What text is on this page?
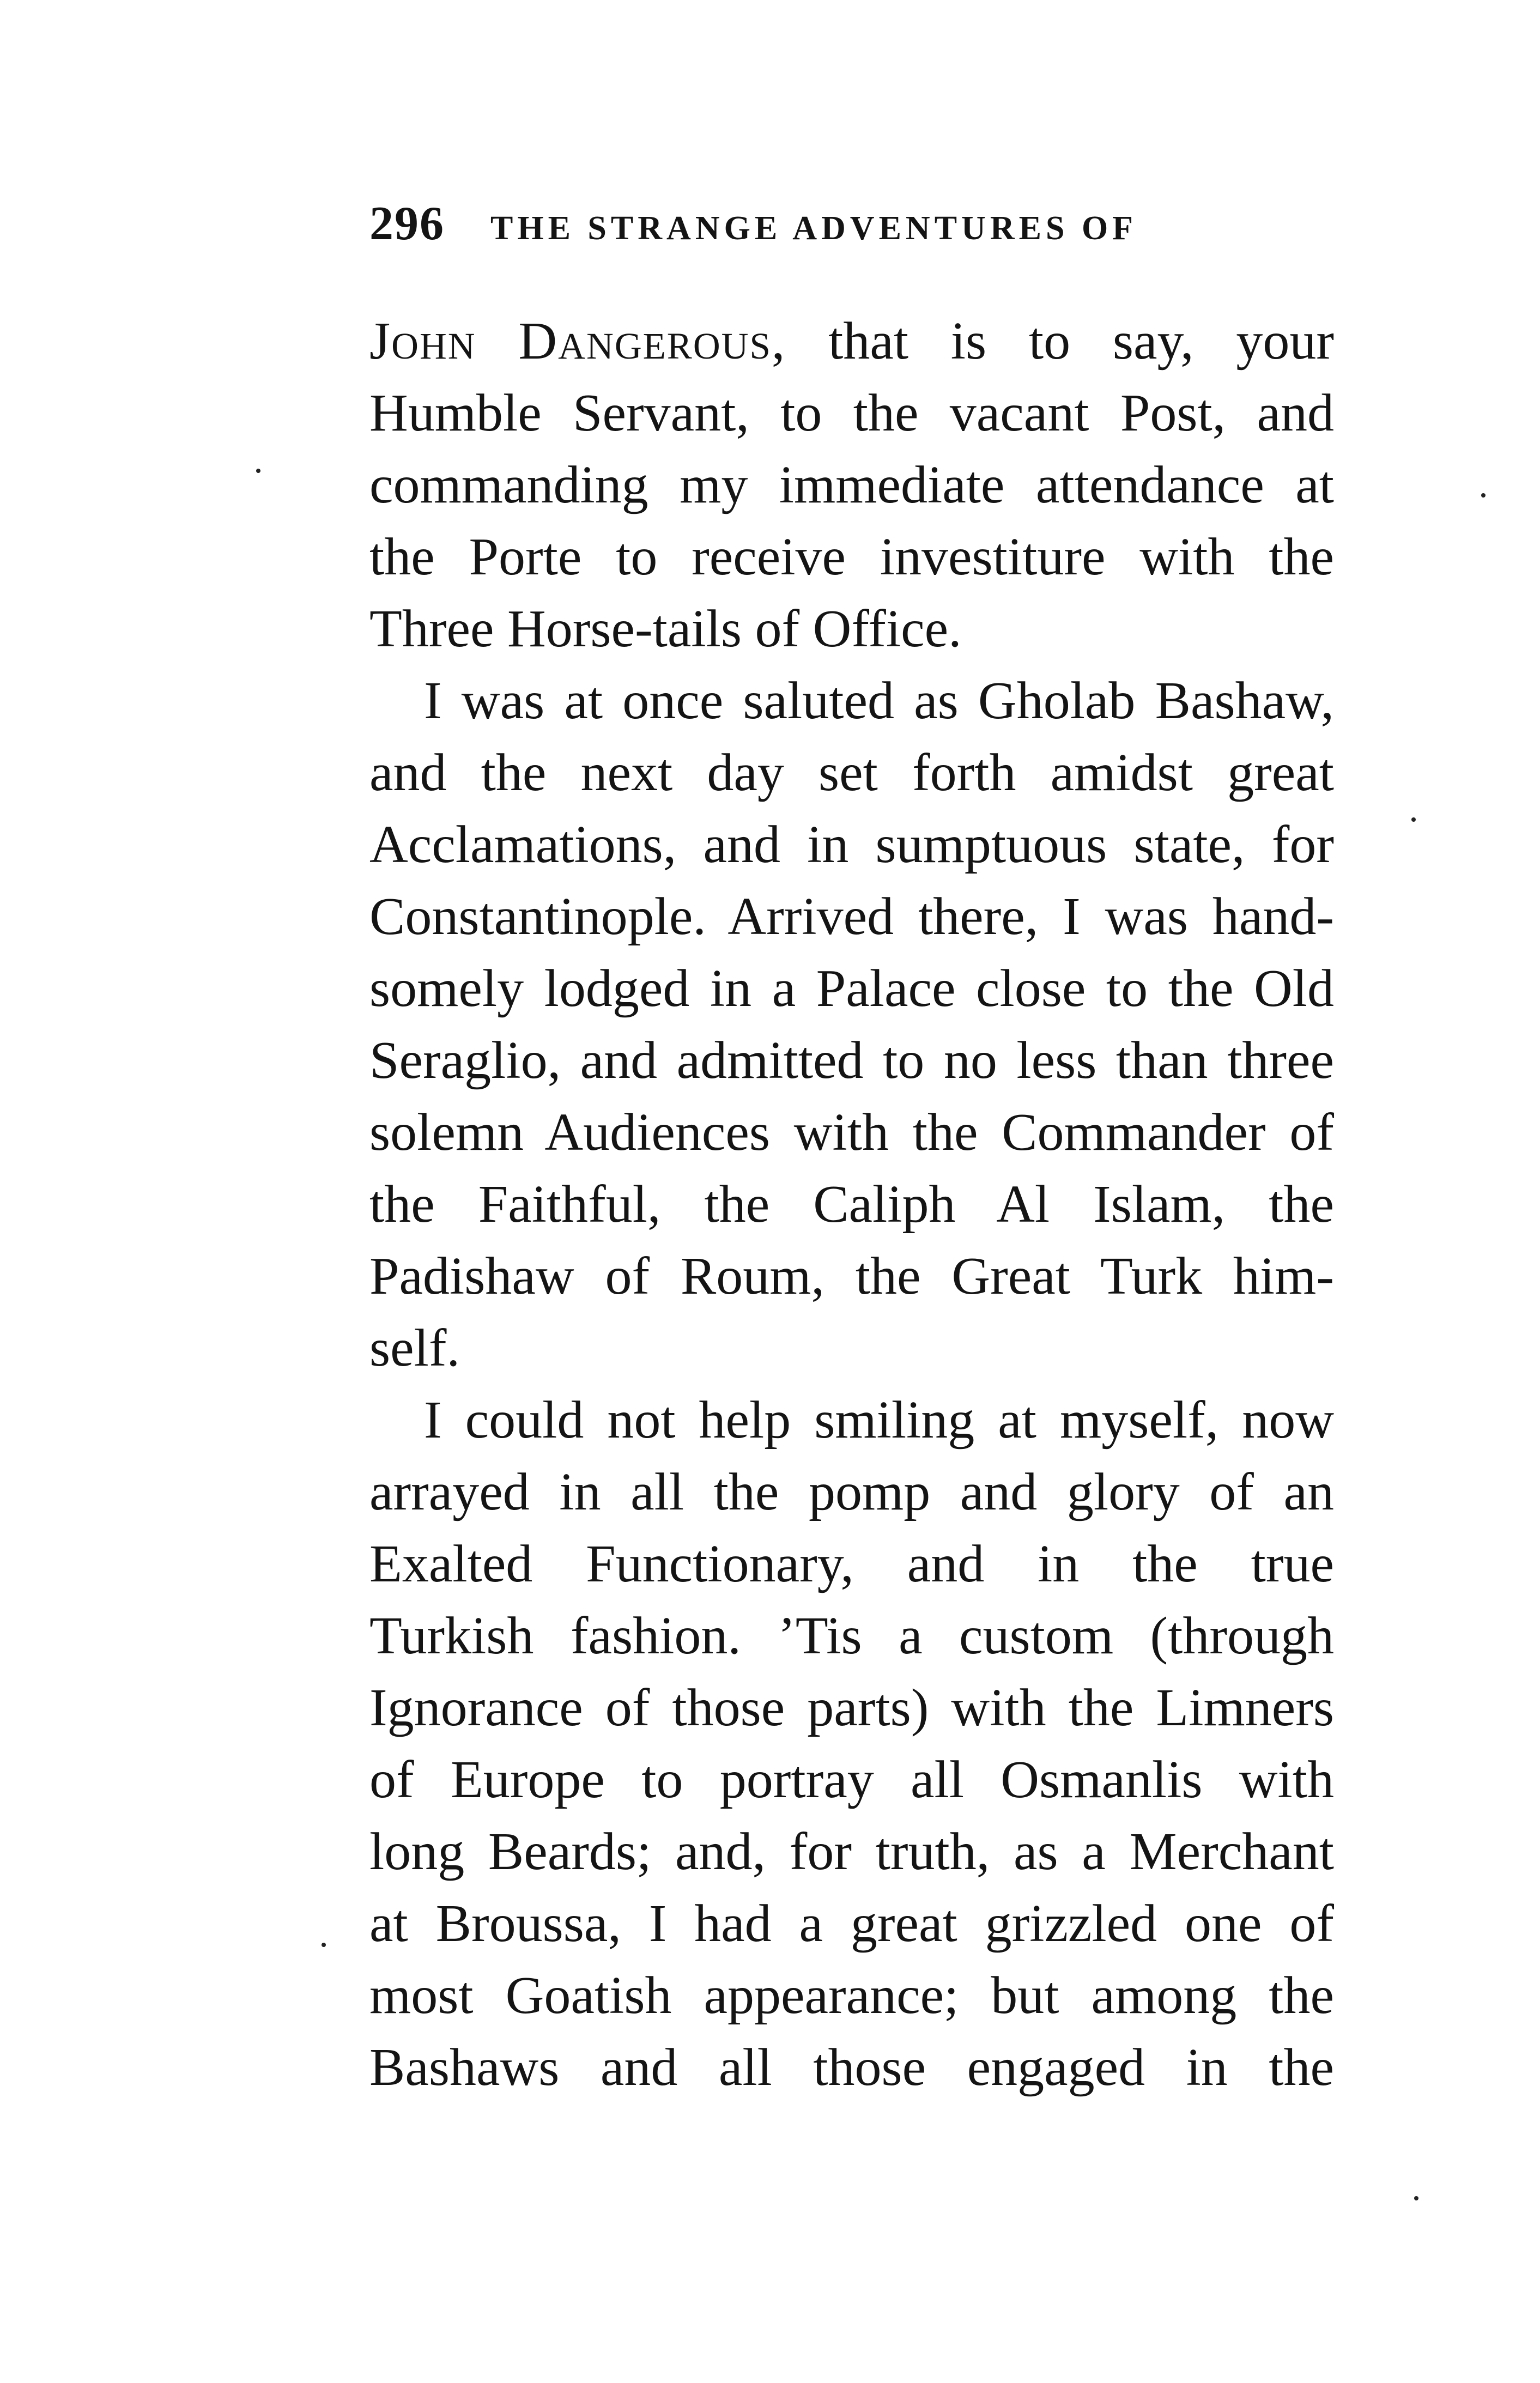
296 THE STRANGE ADVENTURES OF
John Dangerous, that is to say, your
Humble Servant, to the vacant Post, and
commanding my immediate attendance at
the Porte to receive investiture with the
Three Horse-tails of Office.
I was at once saluted as Gholab Bashaw,
and the next day set forth amidst great
Acclamations, and in sumptuous state, for
Constantinople. Arrived there, I was hand-
somely lodged in a Palace close to the Old
Seraglio, and admitted to no less than three
solemn Audiences with the Commander of
the Faithful, the Caliph Al Islam, the
Padishaw of Roum, the Great Turk him-
self.
I could not help smiling at myself, now
arrayed in all the pomp and glory of an
Exalted Functionary, and in the true
Turkish fashion. ’Tis a custom (through
Ignorance of those parts) with the Limners
of Europe to portray all Osmanlis with
long Beards; and, for truth, as a Merchant
at Broussa, I had a great grizzled one of
most Goatish appearance; but among the
Bashaws and all those engaged in the
